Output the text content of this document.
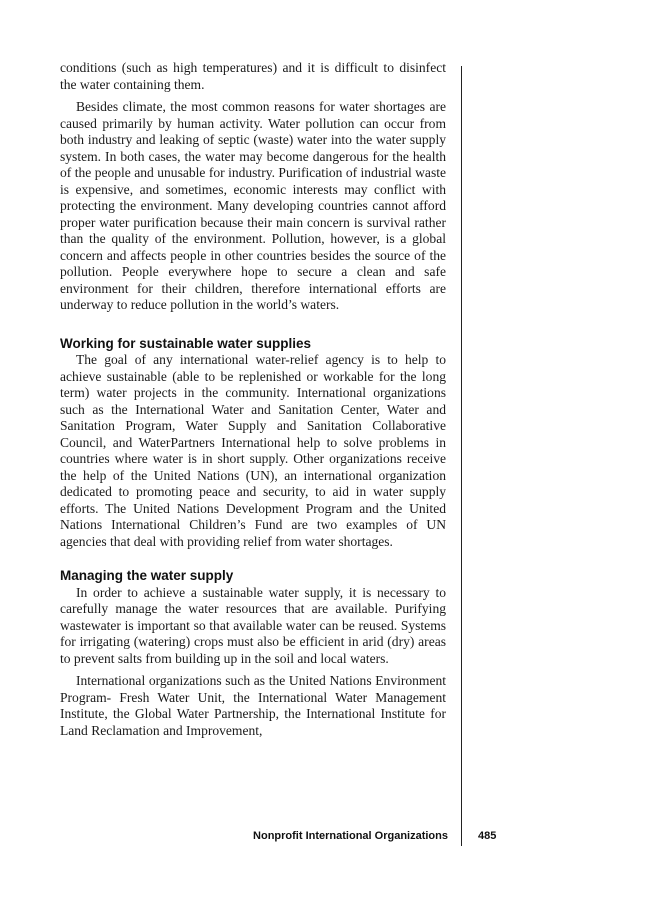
conditions (such as high temperatures) and it is difficult to disinfect the water containing them.

Besides climate, the most common reasons for water shortages are caused primarily by human activity. Water pollution can occur from both industry and leaking of septic (waste) water into the water supply system. In both cases, the water may become dangerous for the health of the people and unusable for industry. Purification of industrial waste is expensive, and sometimes, economic interests may conflict with protecting the environment. Many developing countries cannot afford proper water purification because their main concern is survival rather than the quality of the environment. Pollution, however, is a global concern and affects people in other countries besides the source of the pollution. People everywhere hope to secure a clean and safe environment for their children, therefore international efforts are underway to reduce pollution in the world’s waters.

Working for sustainable water supplies

The goal of any international water-relief agency is to help to achieve sustainable (able to be replenished or workable for the long term) water projects in the community. International organizations such as the International Water and Sanitation Center, Water and Sanitation Program, Water Supply and Sanitation Collaborative Council, and WaterPartners International help to solve problems in countries where water is in short supply. Other organizations receive the help of the United Nations (UN), an international organization dedicated to promoting peace and security, to aid in water supply efforts. The United Nations Development Program and the United Nations International Children’s Fund are two examples of UN agencies that deal with providing relief from water shortages.

Managing the water supply

In order to achieve a sustainable water supply, it is necessary to carefully manage the water resources that are available. Purifying wastewater is important so that available water can be reused. Systems for irrigating (watering) crops must also be efficient in arid (dry) areas to prevent salts from building up in the soil and local waters.

International organizations such as the United Nations Environment Program- Fresh Water Unit, the International Water Management Institute, the Global Water Partnership, the International Institute for Land Reclamation and Improvement,

Nonprofit International Organizations	485
